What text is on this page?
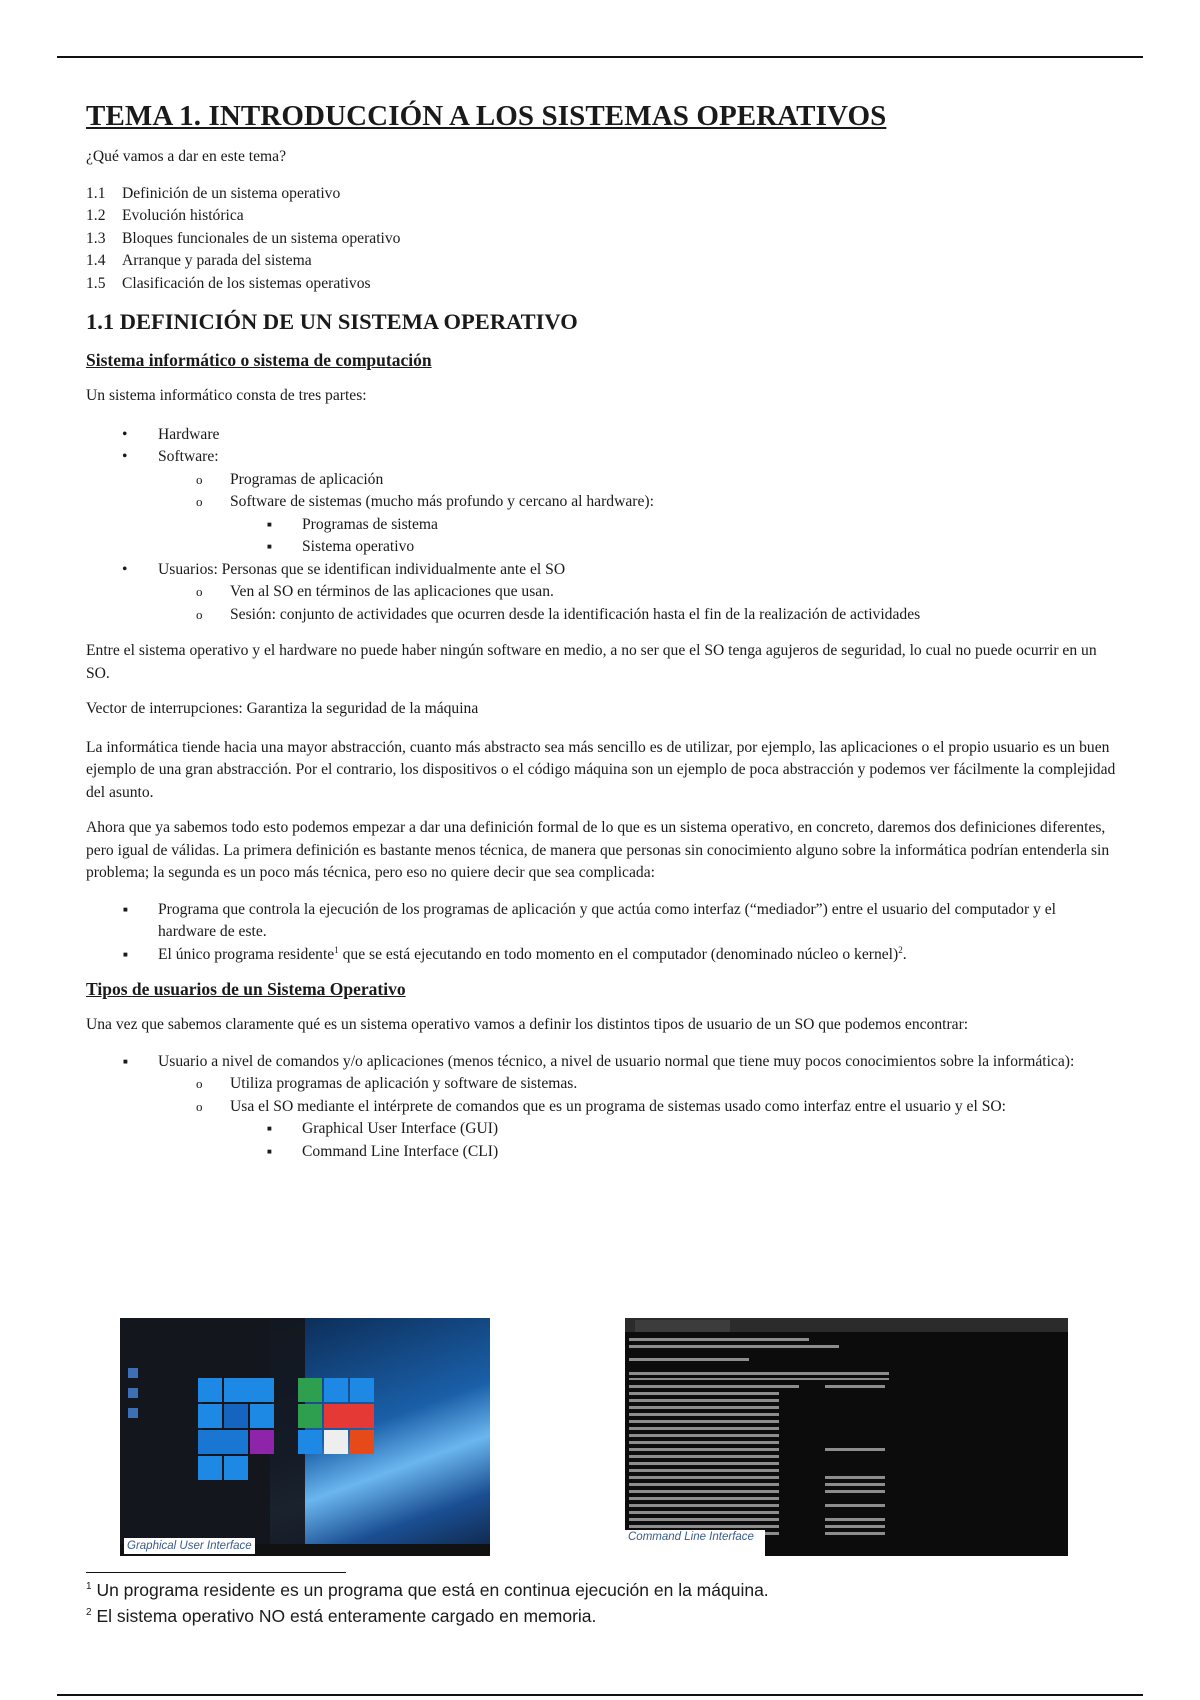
TEMA 1. INTRODUCCIÓN A LOS SISTEMAS OPERATIVOS

¿Qué vamos a dar en este tema?

1.1	Definición de un sistema operativo
1.2	Evolución histórica
1.3	Bloques funcionales de un sistema operativo
1.4	Arranque y parada del sistema
1.5	Clasificación de los sistemas operativos
1.1 DEFINICIÓN DE UN SISTEMA OPERATIVO
Sistema informático o sistema de computación

Un sistema informático consta de tres partes:

• Hardware
• Software:
o Programas de aplicación
o Software de sistemas (mucho más profundo y cercano al hardware):
■ Programas de sistema
■ Sistema operativo
• Usuarios: Personas que se identifican individualmente ante el SO
o Ven al SO en términos de las aplicaciones que usan.
o Sesión: conjunto de actividades que ocurren desde la identificación hasta el fin de la realización de actividades

Entre el sistema operativo y el hardware no puede haber ningún software en medio, a no ser que el SO tenga agujeros de seguridad, lo cual no puede ocurrir en un SO.

Vector de interrupciones: Garantiza la seguridad de la máquina

La informática tiende hacia una mayor abstracción, cuanto más abstracto sea más sencillo es de utilizar, por ejemplo, las aplicaciones o el propio usuario es un buen ejemplo de una gran abstracción. Por el contrario, los dispositivos o el código máquina son un ejemplo de poca abstracción y podemos ver fácilmente la complejidad del asunto.

Ahora que ya sabemos todo esto podemos empezar a dar una definición formal de lo que es un sistema operativo, en concreto, daremos dos definiciones diferentes, pero igual de válidas. La primera definición es bastante menos técnica, de manera que personas sin conocimiento alguno sobre la informática podrían entenderla sin problema; la segunda es un poco más técnica, pero eso no quiere decir que sea complicada:

■ Programa que controla la ejecución de los programas de aplicación y que actúa como interfaz (“mediador”) entre el usuario del computador y el hardware de este.
■ El único programa residente$^1$ que se está ejecutando en todo momento en el computador (denominado núcleo o kernel)$^2$.
Tipos de usuarios de un Sistema Operativo

Una vez que sabemos claramente qué es un sistema operativo vamos a definir los distintos tipos de usuario de un SO que podemos encontrar:

■ Usuario a nivel de comandos y/o aplicaciones (menos técnico, a nivel de usuario normal que tiene muy pocos conocimientos sobre la informática):
o Utiliza programas de aplicación y software de sistemas.
o Usa el SO mediante el intérprete de comandos que es un programa de sistemas usado como interfaz entre el usuario y el SO:
■ Graphical User Interface (GUI)
■ Command Line Interface (CLI)
Graphical User Interface
Command Line Interface
$^1$ Un programa residente es un programa que está en continua ejecución en la máquina.
$^2$ El sistema operativo NO está enteramente cargado en memoria.
